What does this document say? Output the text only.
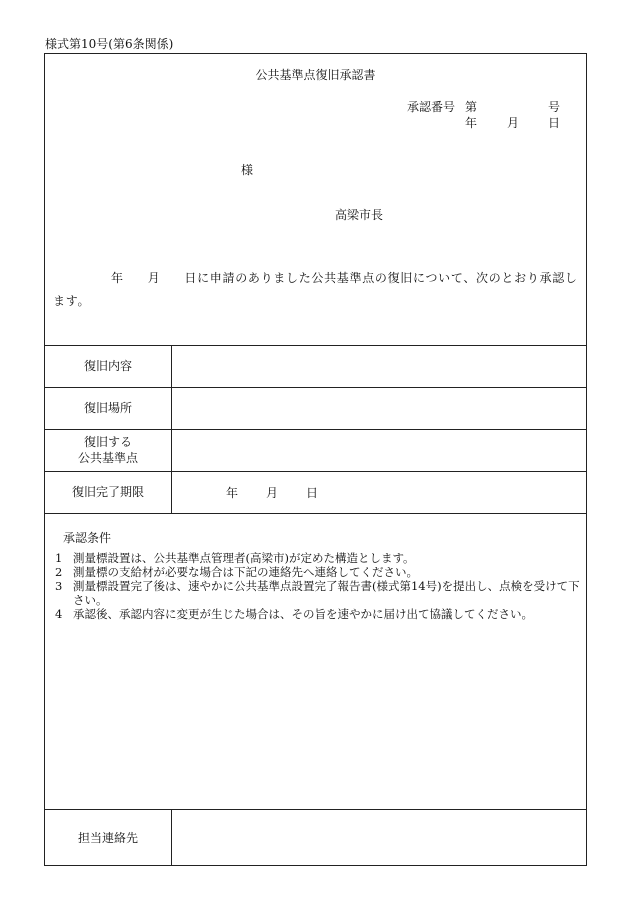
様式第10号(第6条関係)
公共基準点復旧承認書
承認番号 第	号
年 月 日
様
高梁市長
年 月 日に申請のありました公共基準点の復旧について、次のとおり承認し
ます。
復旧内容
復旧場所
復旧する
公共基準点
復旧完了期限	年 月 日
承認条件
1 測量標設置は、公共基準点管理者(高梁市)が定めた構造とします。
2 測量標の支給材が必要な場合は下記の連絡先へ連絡してください。
3 測量標設置完了後は、速やかに公共基準点設置完了報告書(様式第14号)を提出し、点検を受けて下さい。
4 承認後、承認内容に変更が生じた場合は、その旨を速やかに届け出て協議してください。
担当連絡先
